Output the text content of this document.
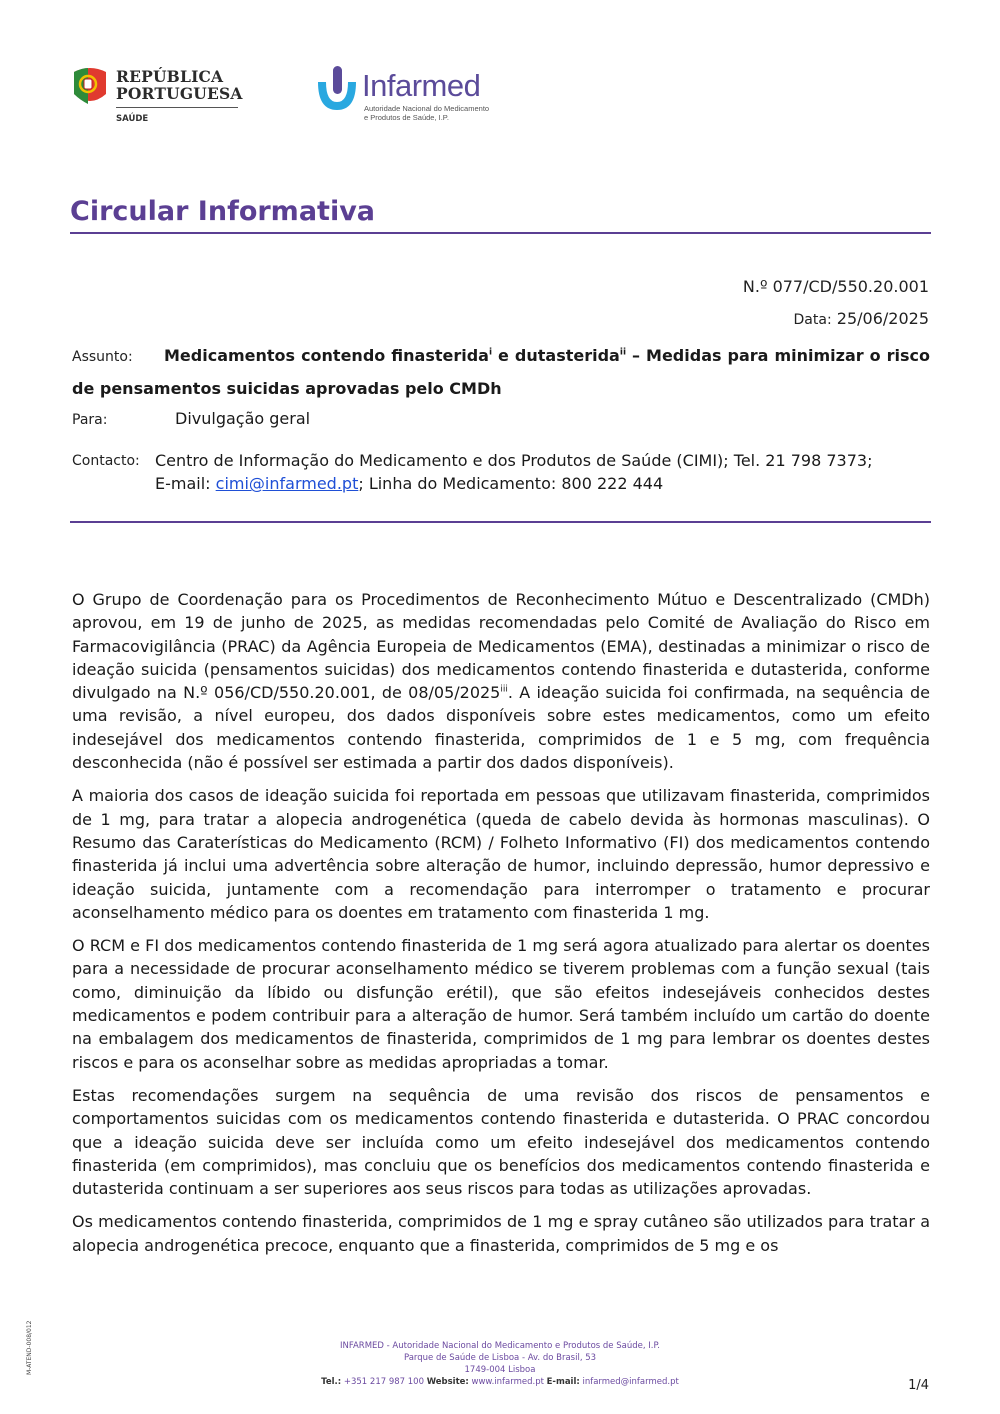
REPÚBLICA
PORTUGUESA
SAÚDE
Infarmed
Autoridade Nacional do Medicamento
e Produtos de Saúde, I.P.
Circular Informativa
N.º 077/CD/550.20.001
Data: 25/06/2025
Assunto: Medicamentos contendo finasterida$^i$ e dutasterida$^{ii}$ – Medidas para minimizar o risco de pensamentos suicidas aprovadas pelo CMDh
Para:	Divulgação geral
Contacto: Centro de Informação do Medicamento e dos Produtos de Saúde (CIMI); Tel. 21 798 7373;
E-mail: cimi@infarmed.pt; Linha do Medicamento: 800 222 444

O Grupo de Coordenação para os Procedimentos de Reconhecimento Mútuo e Descentralizado (CMDh) aprovou, em 19 de junho de 2025, as medidas recomendadas pelo Comité de Avaliação do Risco em Farmacovigilância (PRAC) da Agência Europeia de Medicamentos (EMA), destinadas a minimizar o risco de ideação suicida (pensamentos suicidas) dos medicamentos contendo finasterida e dutasterida, conforme divulgado na N.º 056/CD/550.20.001, de 08/05/2025$^{iii}$. A ideação suicida foi confirmada, na sequência de uma revisão, a nível europeu, dos dados disponíveis sobre estes medicamentos, como um efeito indesejável dos medicamentos contendo finasterida, comprimidos de 1 e 5 mg, com frequência desconhecida (não é possível ser estimada a partir dos dados disponíveis).

A maioria dos casos de ideação suicida foi reportada em pessoas que utilizavam finasterida, comprimidos de 1 mg, para tratar a alopecia androgenética (queda de cabelo devida às hormonas masculinas). O Resumo das Caraterísticas do Medicamento (RCM) / Folheto Informativo (FI) dos medicamentos contendo finasterida já inclui uma advertência sobre alteração de humor, incluindo depressão, humor depressivo e ideação suicida, juntamente com a recomendação para interromper o tratamento e procurar aconselhamento médico para os doentes em tratamento com finasterida 1 mg.

O RCM e FI dos medicamentos contendo finasterida de 1 mg será agora atualizado para alertar os doentes para a necessidade de procurar aconselhamento médico se tiverem problemas com a função sexual (tais como, diminuição da líbido ou disfunção erétil), que são efeitos indesejáveis conhecidos destes medicamentos e podem contribuir para a alteração de humor. Será também incluído um cartão do doente na embalagem dos medicamentos de finasterida, comprimidos de 1 mg para lembrar os doentes destes riscos e para os aconselhar sobre as medidas apropriadas a tomar.

Estas recomendações surgem na sequência de uma revisão dos riscos de pensamentos e comportamentos suicidas com os medicamentos contendo finasterida e dutasterida. O PRAC concordou que a ideação suicida deve ser incluída como um efeito indesejável dos medicamentos contendo finasterida (em comprimidos), mas concluiu que os benefícios dos medicamentos contendo finasterida e dutasterida continuam a ser superiores aos seus riscos para todas as utilizações aprovadas.

Os medicamentos contendo finasterida, comprimidos de 1 mg e spray cutâneo são utilizados para tratar a alopecia androgenética precoce, enquanto que a finasterida, comprimidos de 5 mg e os

INFARMED - Autoridade Nacional do Medicamento e Produtos de Saúde, I.P.
Parque de Saúde de Lisboa - Av. do Brasil, 53
1749-004 Lisboa
Tel.: +351 217 987 100 Website: www.infarmed.pt E-mail: infarmed@infarmed.pt	1/4
M-ATEND-008/012
